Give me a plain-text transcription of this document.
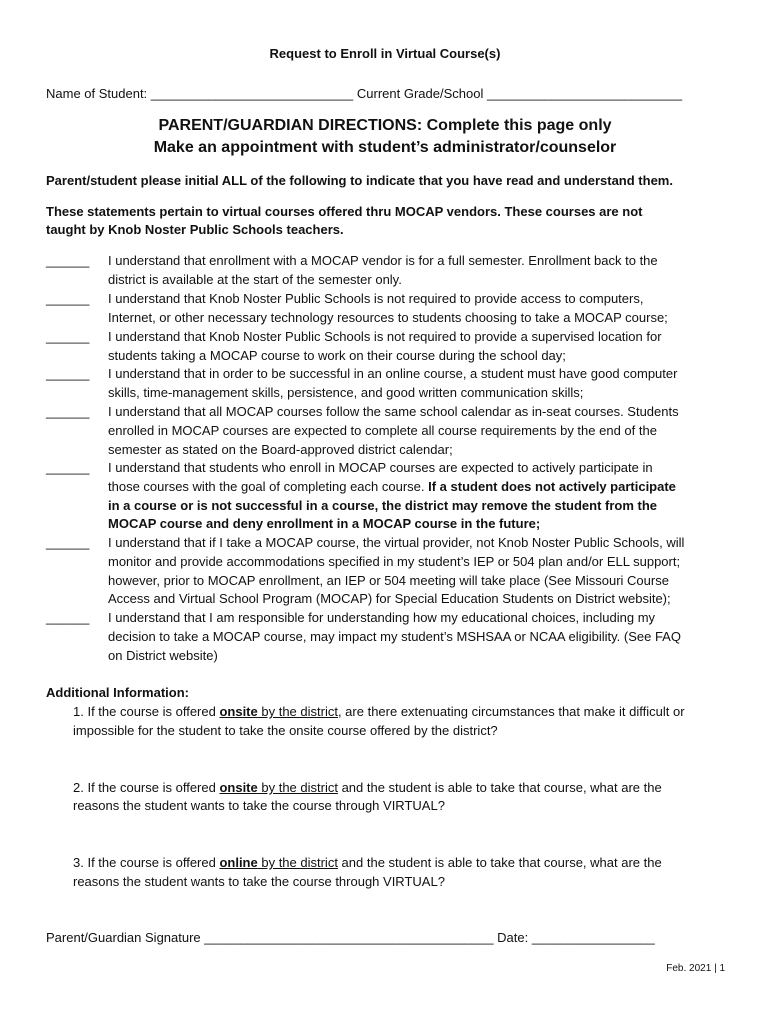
Request to Enroll in Virtual Course(s)
Name of Student: ____________________________ Current Grade/School ___________________________
PARENT/GUARDIAN DIRECTIONS: Complete this page only
Make an appointment with student’s administrator/counselor
Parent/student please initial ALL of the following to indicate that you have read and understand them.
These statements pertain to virtual courses offered thru MOCAP vendors. These courses are not
taught by Knob Noster Public Schools teachers.
______ I understand that enrollment with a MOCAP vendor is for a full semester. Enrollment back to the
district is available at the start of the semester only.
______ I understand that Knob Noster Public Schools is not required to provide access to computers,
Internet, or other necessary technology resources to students choosing to take a MOCAP course;
______ I understand that Knob Noster Public Schools is not required to provide a supervised location for
students taking a MOCAP course to work on their course during the school day;
______ I understand that in order to be successful in an online course, a student must have good computer
skills, time-management skills, persistence, and good written communication skills;
______ I understand that all MOCAP courses follow the same school calendar as in-seat courses. Students
enrolled in MOCAP courses are expected to complete all course requirements by the end of the
semester as stated on the Board-approved district calendar;
______ I understand that students who enroll in MOCAP courses are expected to actively participate in
those courses with the goal of completing each course. If a student does not actively participate
in a course or is not successful in a course, the district may remove the student from the
MOCAP course and deny enrollment in a MOCAP course in the future;
______ I understand that if I take a MOCAP course, the virtual provider, not Knob Noster Public Schools, will
monitor and provide accommodations specified in my student’s IEP or 504 plan and/or ELL support;
however, prior to MOCAP enrollment, an IEP or 504 meeting will take place (See Missouri Course
Access and Virtual School Program (MOCAP) for Special Education Students on District website);
______ I understand that I am responsible for understanding how my educational choices, including my
decision to take a MOCAP course, may impact my student’s MSHSAA or NCAA eligibility. (See FAQ
on District website)
Additional Information:
1. If the course is offered onsite by the district, are there extenuating circumstances that make it difficult or
impossible for the student to take the onsite course offered by the district?
2. If the course is offered onsite by the district and the student is able to take that course, what are the
reasons the student wants to take the course through VIRTUAL?
3. If the course is offered online by the district and the student is able to take that course, what are the
reasons the student wants to take the course through VIRTUAL?
Parent/Guardian Signature ________________________________________ Date: _________________
Feb. 2021 | 1
